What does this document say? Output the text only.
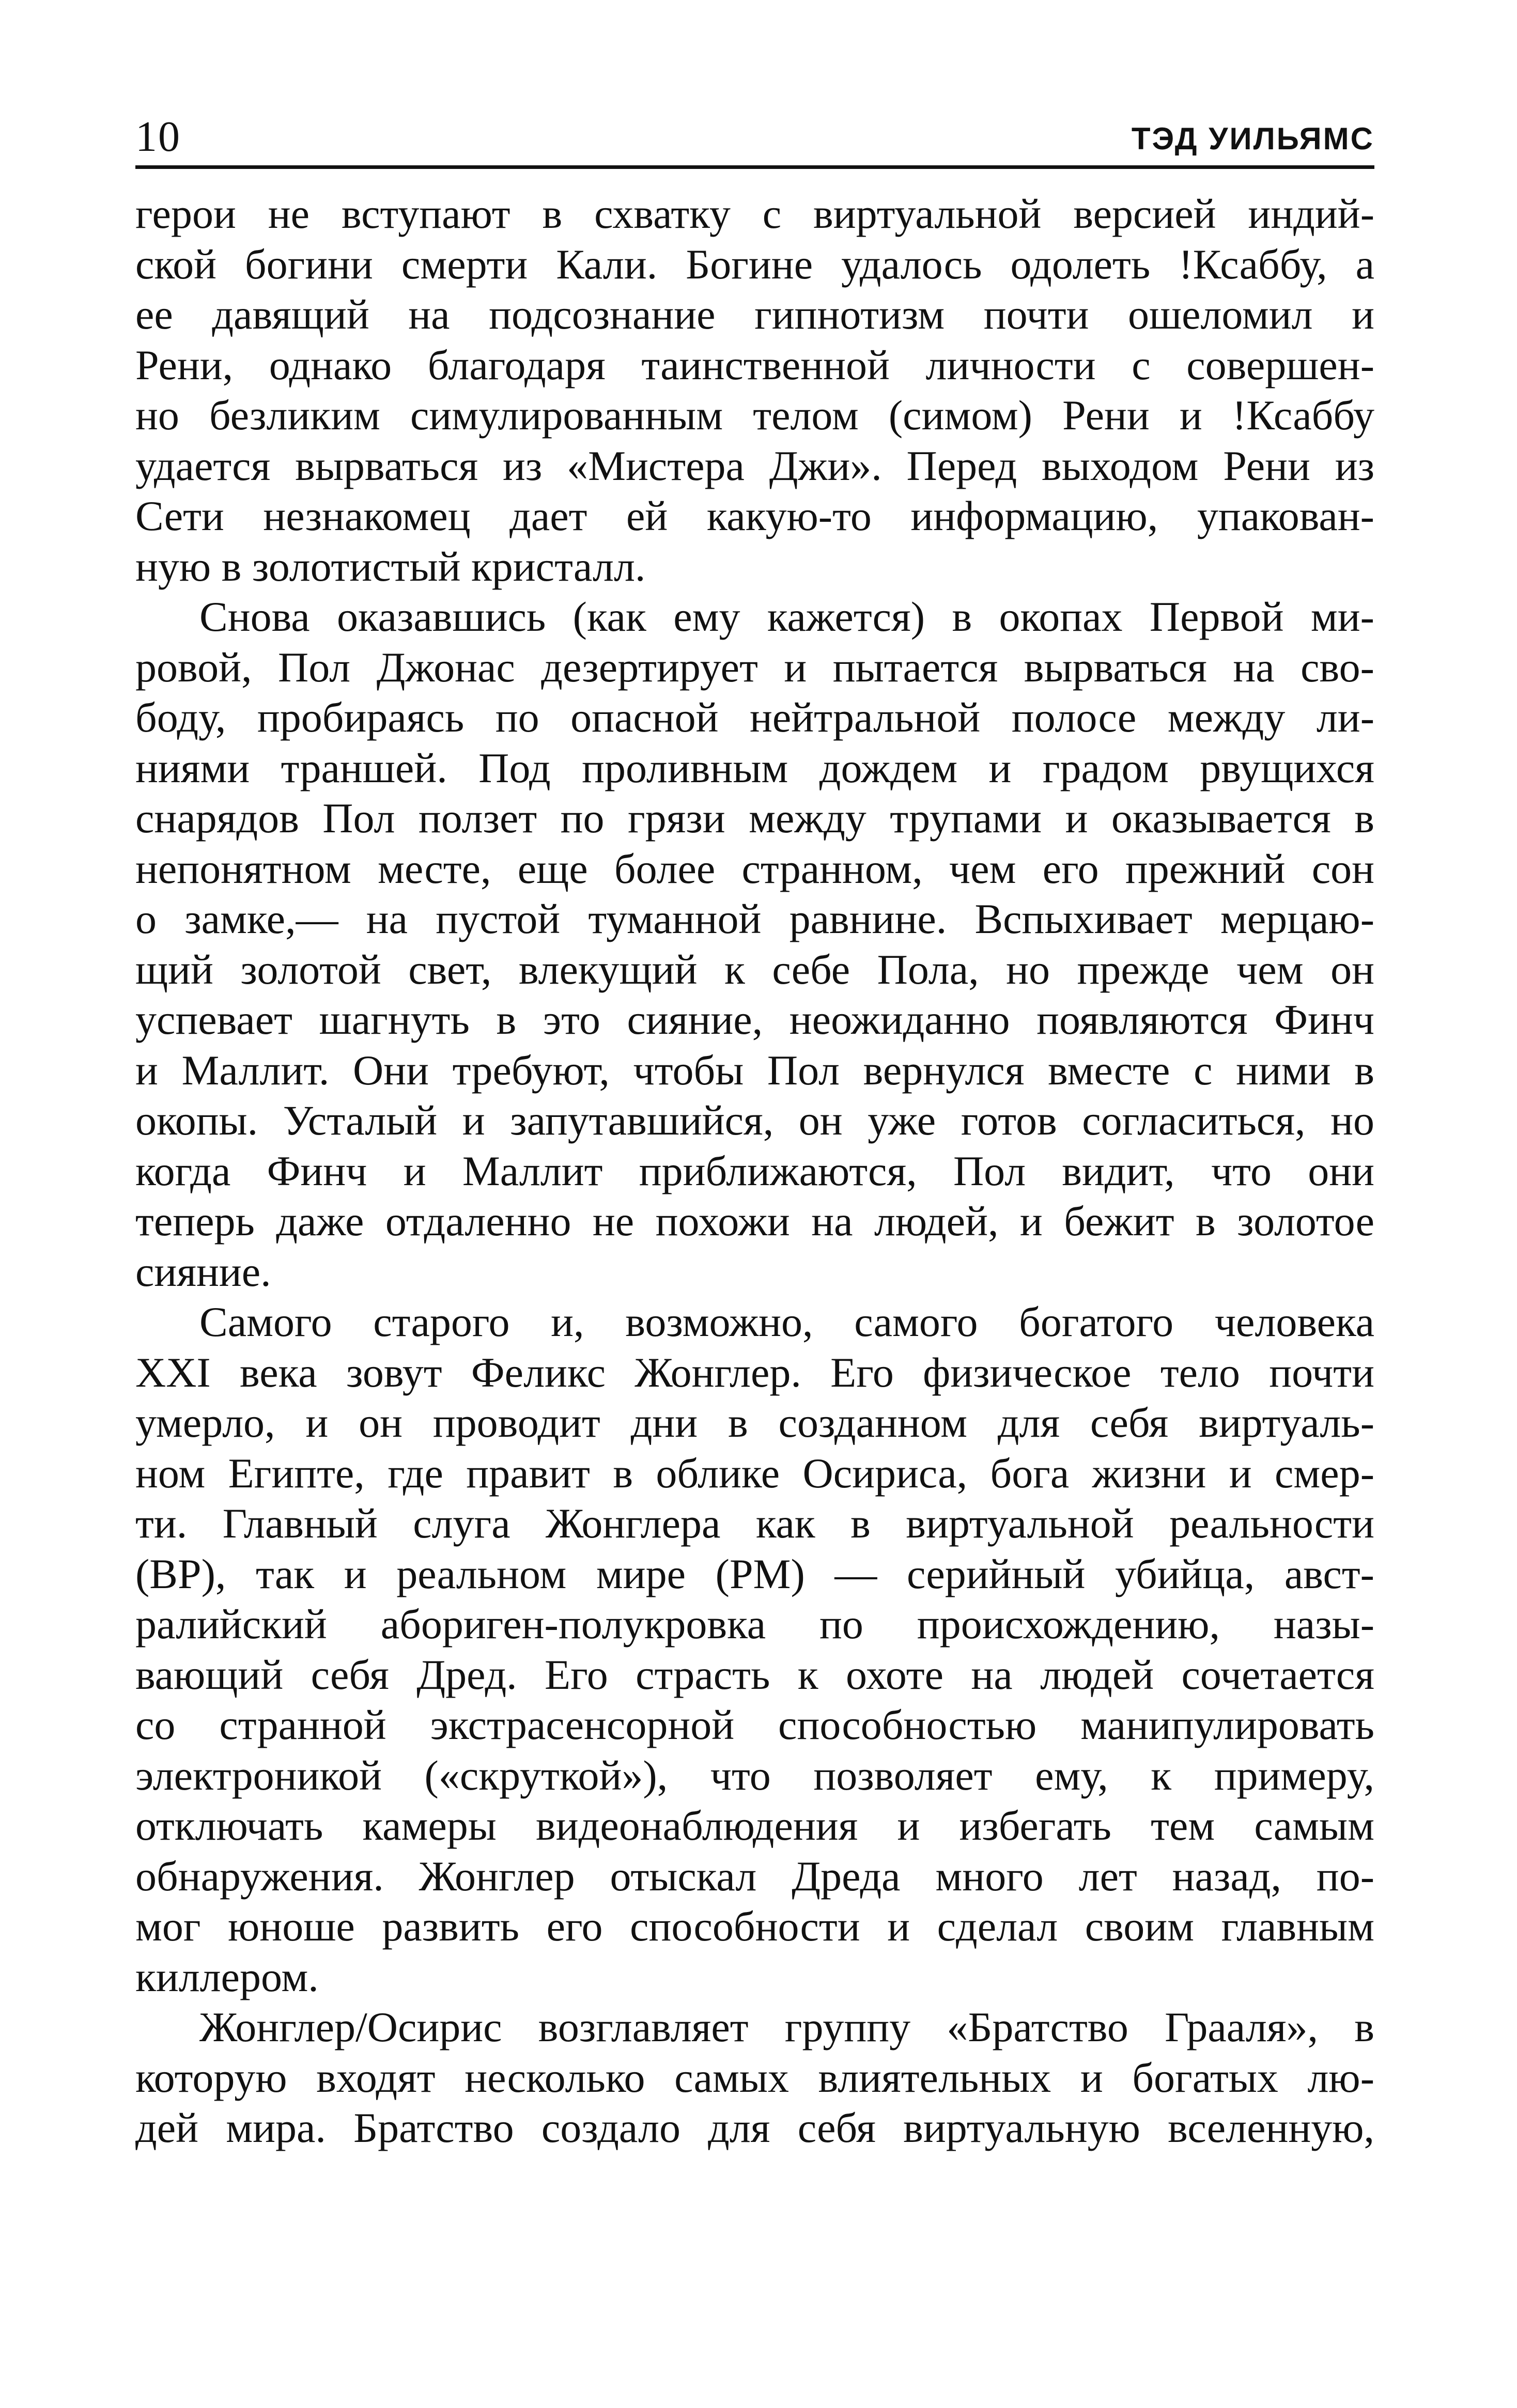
10	ТЭД УИЛЬЯМС
герои не вступают в схватку с виртуальной версией индий-
ской богини смерти Кали. Богине удалось одолеть !Ксаббу, а
ее давящий на подсознание гипнотизм почти ошеломил и
Рени, однако благодаря таинственной личности с совершен-
но безликим симулированным телом (симом) Рени и !Ксаббу
удается вырваться из «Мистера Джи». Перед выходом Рени из
Сети незнакомец дает ей какую-то информацию, упакован-
ную в золотистый кристалл.
Снова оказавшись (как ему кажется) в окопах Первой ми-
ровой, Пол Джонас дезертирует и пытается вырваться на сво-
боду, пробираясь по опасной нейтральной полосе между ли-
ниями траншей. Под проливным дождем и градом рвущихся
снарядов Пол ползет по грязи между трупами и оказывается в
непонятном месте, еще более странном, чем его прежний сон
о замке,— на пустой туманной равнине. Вспыхивает мерцаю-
щий золотой свет, влекущий к себе Пола, но прежде чем он
успевает шагнуть в это сияние, неожиданно появляются Финч
и Маллит. Они требуют, чтобы Пол вернулся вместе с ними в
окопы. Усталый и запутавшийся, он уже готов согласиться, но
когда Финч и Маллит приближаются, Пол видит, что они
теперь даже отдаленно не похожи на людей, и бежит в золотое
сияние.
Самого старого и, возможно, самого богатого человека
XXI века зовут Феликс Жонглер. Его физическое тело почти
умерло, и он проводит дни в созданном для себя виртуаль-
ном Египте, где правит в облике Осириса, бога жизни и смер-
ти. Главный слуга Жонглера как в виртуальной реальности
(ВР), так и реальном мире (РМ) — серийный убийца, авст-
ралийский абориген-полукровка по происхождению, назы-
вающий себя Дред. Его страсть к охоте на людей сочетается
со странной экстрасенсорной способностью манипулировать
электроникой («скруткой»), что позволяет ему, к примеру,
отключать камеры видеонаблюдения и избегать тем самым
обнаружения. Жонглер отыскал Дреда много лет назад, по-
мог юноше развить его способности и сделал своим главным
киллером.
Жонглер/Осирис возглавляет группу «Братство Грааля», в
которую входят несколько самых влиятельных и богатых лю-
дей мира. Братство создало для себя виртуальную вселенную,
